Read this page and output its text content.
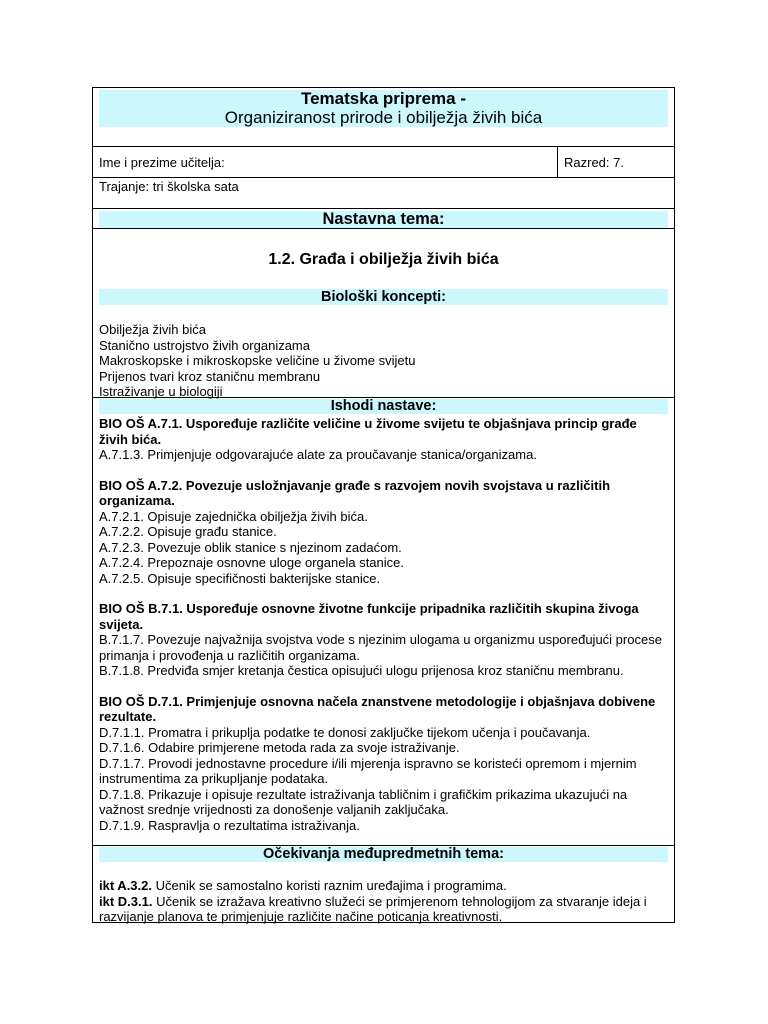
Tematska priprema -
Organiziranost prirode i obilježja živih bića
Ime i prezime učitelja:	Razred: 7.
Trajanje: tri školska sata
Nastavna tema:
1.2. Građa i obilježja živih bića
Biološki koncepti:
Obilježja živih bića
Stanično ustrojstvo živih organizama
Makroskopske i mikroskopske veličine u živome svijetu
Prijenos tvari kroz staničnu membranu
Istraživanje u biologiji
Ishodi nastave:
BIO OŠ A.7.1. Uspoređuje različite veličine u živome svijetu te objašnjava princip građe živih bića.
A.7.1.3. Primjenjuje odgovarajuće alate za proučavanje stanica/organizama.
BIO OŠ A.7.2. Povezuje usložnjavanje građe s razvojem novih svojstava u različitih organizama.
A.7.2.1. Opisuje zajednička obilježja živih bića.
A.7.2.2. Opisuje građu stanice.
A.7.2.3. Povezuje oblik stanice s njezinom zadaćom.
A.7.2.4. Prepoznaje osnovne uloge organela stanice.
A.7.2.5. Opisuje specifičnosti bakterijske stanice.
BIO OŠ B.7.1. Uspoređuje osnovne životne funkcije pripadnika različitih skupina živoga svijeta.
B.7.1.7. Povezuje najvažnija svojstva vode s njezinim ulogama u organizmu uspoređujući procese primanja i provođenja u različitih organizama.
B.7.1.8. Predviđa smjer kretanja čestica opisujući ulogu prijenosa kroz staničnu membranu.
BIO OŠ D.7.1. Primjenjuje osnovna načela znanstvene metodologije i objašnjava dobivene rezultate.
D.7.1.1. Promatra i prikuplja podatke te donosi zaključke tijekom učenja i poučavanja.
D.7.1.6. Odabire primjerene metoda rada za svoje istraživanje.
D.7.1.7. Provodi jednostavne procedure i/ili mjerenja ispravno se koristeći opremom i mjernim instrumentima za prikupljanje podataka.
D.7.1.8. Prikazuje i opisuje rezultate istraživanja tabličnim i grafičkim prikazima ukazujući na važnost srednje vrijednosti za donošenje valjanih zaključaka.
D.7.1.9. Raspravlja o rezultatima istraživanja.
Očekivanja međupredmetnih tema:
ikt A.3.2. Učenik se samostalno koristi raznim uređajima i programima.
ikt D.3.1. Učenik se izražava kreativno služeći se primjerenom tehnologijom za stvaranje ideja i razvijanje planova te primjenjuje različite načine poticanja kreativnosti.
